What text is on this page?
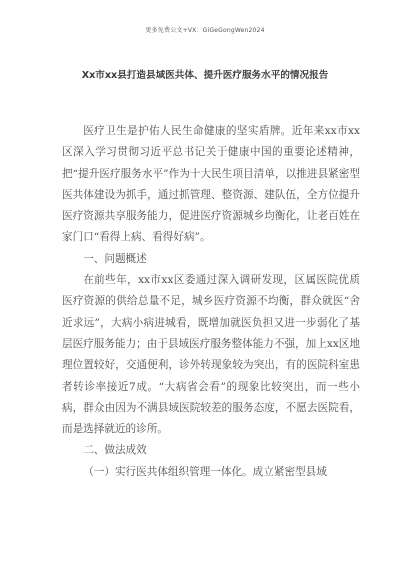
更多免费公文+VX：GiGeGongWen2024
Xx市xx县打造县域医共体、提升医疗服务水平的情况报告

医疗卫生是护佑人民生命健康的坚实盾牌。近年来xx市xx区深入学习贯彻习近平总书记关于健康中国的重要论述精神，把“提升医疗服务水平”作为十大民生项目清单，以推进县紧密型医共体建设为抓手，通过抓管理、整资源、建队伍，全方位提升医疗资源共享服务能力，促进医疗资源城乡均衡化，让老百姓在家门口“看得上病、看得好病”。

一、问题概述

在前些年，xx市xx区委通过深入调研发现，区属医院优质医疗资源的供给总量不足，城乡医疗资源不均衡，群众就医“舍近求远”，大病小病进城看，既增加就医负担又进一步弱化了基层医疗服务能力；由于县域医疗服务整体能力不强，加上xx区地理位置较好，交通便利，诊外转现象较为突出，有的医院科室患者转诊率接近7成。“大病省会看”的现象比较突出，而一些小病，群众由因为不满县域医院较差的服务态度，不愿去医院看，而是选择就近的诊所。

二、做法成效

（一）实行医共体组织管理一体化。成立紧密型县域
